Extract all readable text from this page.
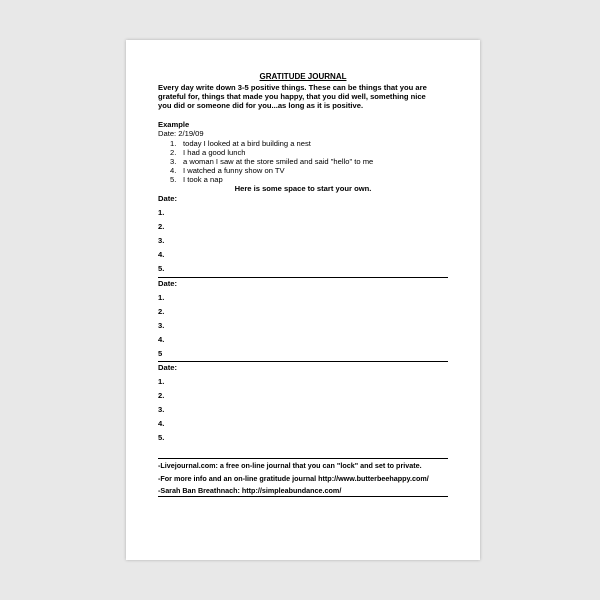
GRATITUDE JOURNAL
Every day write down 3-5 positive things. These can be things that you are
grateful for, things that made you happy, that you did well, something nice
you did or someone did for you...as long as it is positive.
Example
Date: 2/19/09
1. today I looked at a bird building a nest
2. I had a good lunch
3. a woman I saw at the store smiled and said "hello" to me
4. I watched a funny show on TV
5. I took a nap
Here is some space to start your own.
Date:
1.
2.
3.
4.
5.
Date:
1.
2.
3.
4.
5
Date:
1.
2.
3.
4.
5.
-Livejournal.com: a free on-line journal that you can "lock" and set to private.
-For more info and an on-line gratitude journal http://www.butterbeehappy.com/
-Sarah Ban Breathnach: http://simpleabundance.com/
